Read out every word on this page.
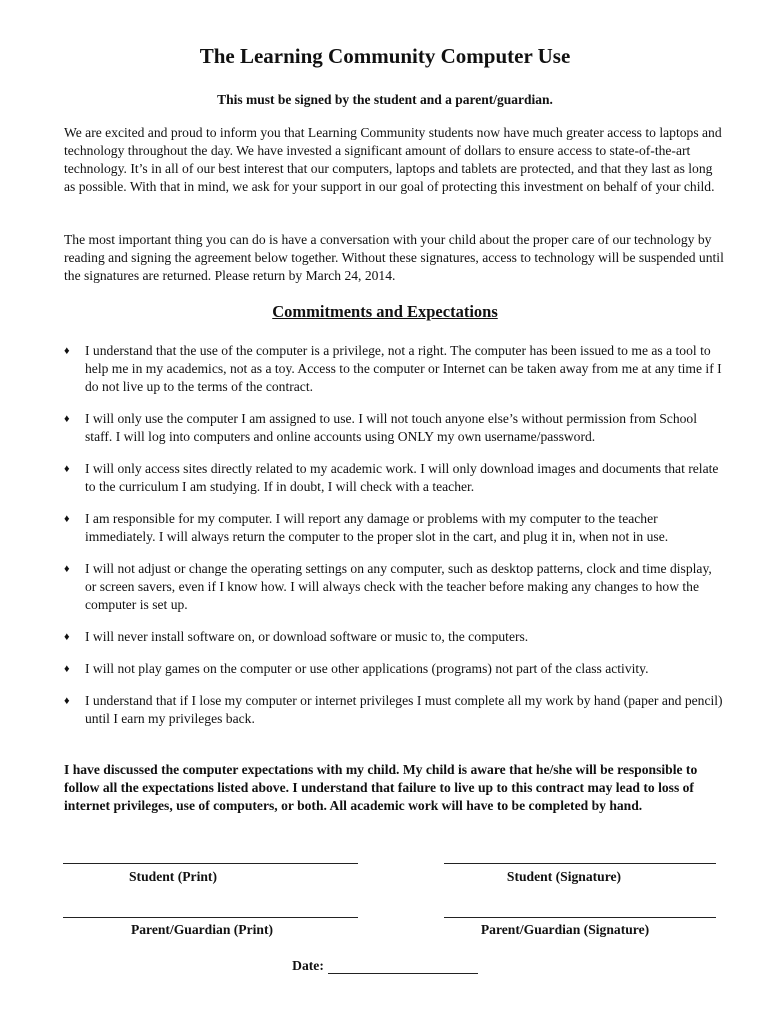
The Learning Community Computer Use

This must be signed by the student and a parent/guardian.

We are excited and proud to inform you that Learning Community students now have much greater access to laptops and technology throughout the day. We have invested a significant amount of dollars to ensure access to state-of-the-art technology. It’s in all of our best interest that our computers, laptops and tablets are protected, and that they last as long as possible. With that in mind, we ask for your support in our goal of protecting this investment on behalf of your child.

The most important thing you can do is have a conversation with your child about the proper care of our technology by reading and signing the agreement below together. Without these signatures, access to technology will be suspended until the signatures are returned. Please return by March 24, 2014.

Commitments and Expectations
♦ I understand that the use of the computer is a privilege, not a right. The computer has been issued to me as a tool to help me in my academics, not as a toy. Access to the computer or Internet can be taken away from me at any time if I do not live up to the terms of the contract.
♦ I will only use the computer I am assigned to use. I will not touch anyone else’s without permission from School staff. I will log into computers and online accounts using ONLY my own username/password.
♦ I will only access sites directly related to my academic work. I will only download images and documents that relate to the curriculum I am studying. If in doubt, I will check with a teacher.
♦ I am responsible for my computer. I will report any damage or problems with my computer to the teacher immediately. I will always return the computer to the proper slot in the cart, and plug it in, when not in use.
♦ I will not adjust or change the operating settings on any computer, such as desktop patterns, clock and time display, or screen savers, even if I know how. I will always check with the teacher before making any changes to how the computer is set up.
♦ I will never install software on, or download software or music to, the computers.
♦ I will not play games on the computer or use other applications (programs) not part of the class activity.
♦ I understand that if I lose my computer or internet privileges I must complete all my work by hand (paper and pencil) until I earn my privileges back.

I have discussed the computer expectations with my child. My child is aware that he/she will be responsible to follow all the expectations listed above. I understand that failure to live up to this contract may lead to loss of internet privileges, use of computers, or both. All academic work will have to be completed by hand.

Student (Print)	Student (Signature)
Parent/Guardian (Print)	Parent/Guardian (Signature)
Date:
